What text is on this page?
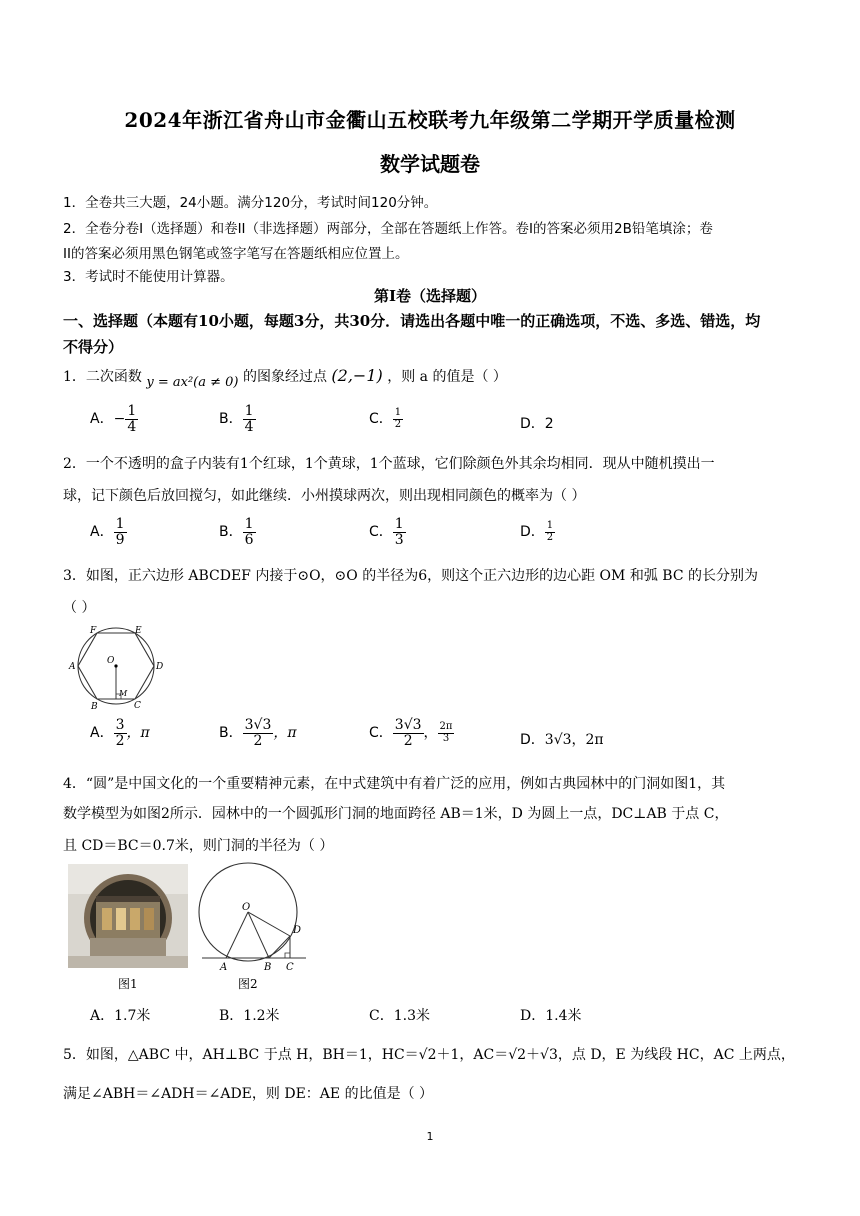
2024年浙江省舟山市金衢山五校联考九年级第二学期开学质量检测
数学试题卷
1．全卷共三大题，24小题。满分120分，考试时间120分钟。
2．全卷分卷I（选择题）和卷II（非选择题）两部分，全部在答题纸上作答。卷I的答案必须用2B铅笔填涂；卷
II的答案必须用黑色钢笔或签字笔写在答题纸相应位置上。
3．考试时不能使用计算器。
第I卷（选择题）
一、选择题（本题有10小题，每题3分，共30分．请选出各题中唯一的正确选项，不选、多选、错选，均
不得分）
1．二次函数 y = ax²(a ≠ 0) 的图象经过点 (2,−1) ，则 a 的值是（ ）
A．− $\frac{1}{4}$	B． $\frac{1}{4}$	C． $\frac{1}{2}$	D．2
2．一个不透明的盒子内装有1个红球，1个黄球，1个蓝球，它们除颜色外其余均相同．现从中随机摸出一
球，记下颜色后放回搅匀，如此继续．小州摸球两次，则出现相同颜色的概率为（ ）
A． $\frac{1}{9}$	B． $\frac{1}{6}$	C． $\frac{1}{3}$	D． $\frac{1}{2}$
3．如图，正六边形 ABCDEF 内接于⊙O，⊙O 的半径为6，则这个正六边形的边心距 OM 和弧 BC 的长分别为
（ ）
F	E
A	D
O
M
B	C
A． $\frac{3}{2}$ ，π	B． $\frac{3√3}{2}$ ，π	C． $\frac{3√3}{2}$ ， $\frac{2\pi}{3}$	D．3√3，2π
4．“圆”是中国文化的一个重要精神元素，在中式建筑中有着广泛的应用，例如古典园林中的门洞如图1，其
数学模型为如图2所示．园林中的一个圆弧形门洞的地面跨径 AB＝1米，D 为圆上一点，DC⊥AB 于点 C，
且 CD＝BC＝0.7米，则门洞的半径为（ ）
图1
O
D
A	B C
图2
A．1.7米	B．1.2米	C．1.3米	D．1.4米
5．如图，△ABC 中，AH⊥BC 于点 H，BH＝1，HC＝√2＋1，AC＝√2＋√3，点 D，E 为线段 HC，AC 上两点，
满足∠ABH＝∠ADH＝∠ADE，则 DE：AE 的比值是（ ）
1
